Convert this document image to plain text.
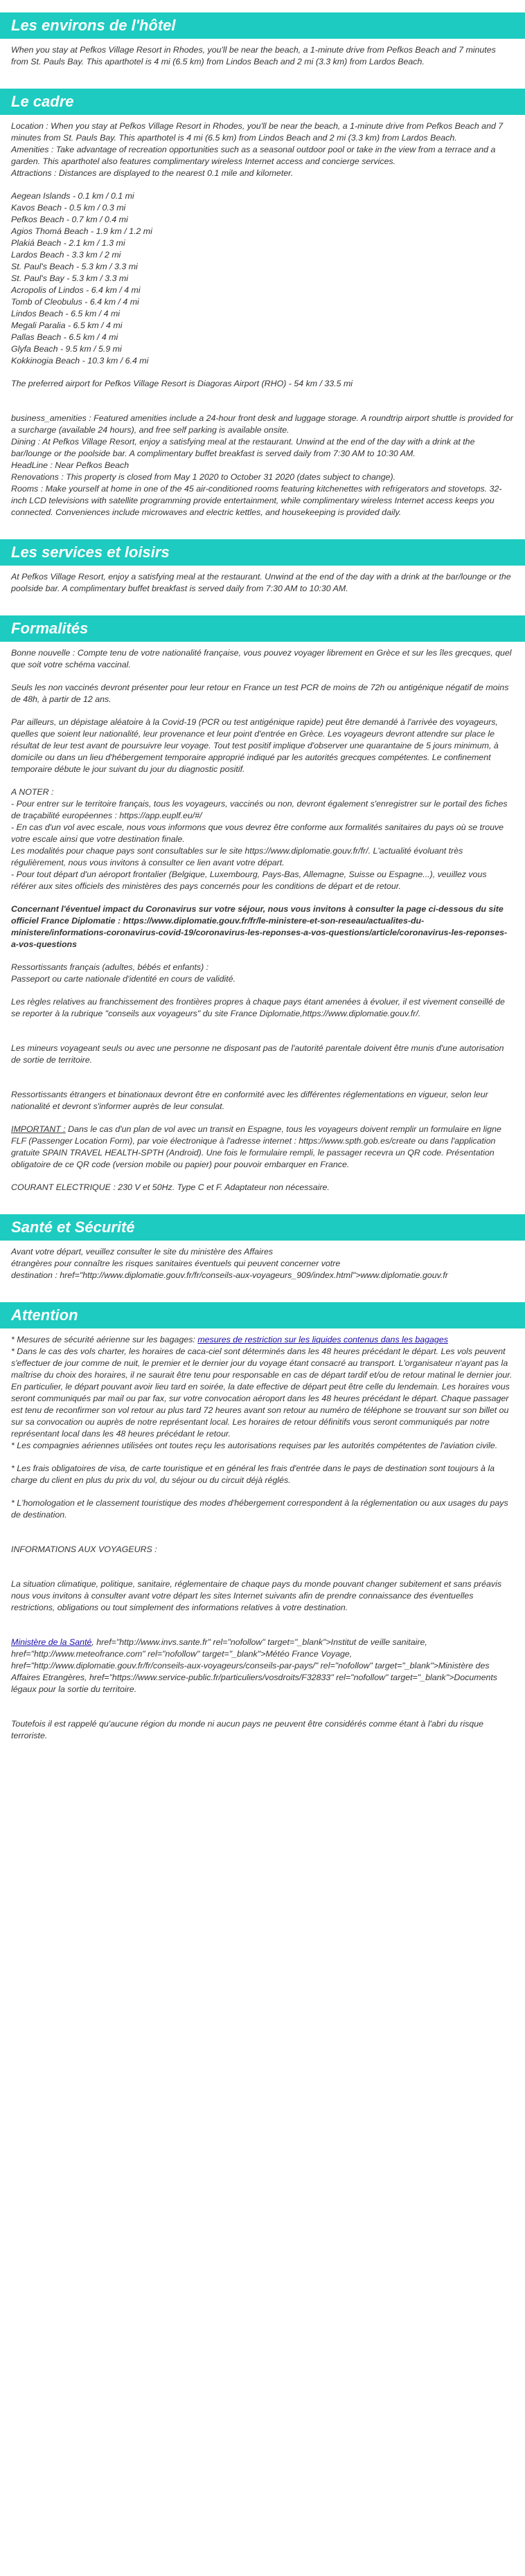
Les environs de l'hôtel

When you stay at Pefkos Village Resort in Rhodes, you'll be near the beach, a 1-minute drive from Pefkos Beach and 7 minutes from St. Pauls Bay. This aparthotel is 4 mi (6.5 km) from Lindos Beach and 2 mi (3.3 km) from Lardos Beach.

Le cadre
Location : When you stay at Pefkos Village Resort in Rhodes, you'll be near the beach, a 1-minute drive from Pefkos Beach and 7 minutes from St. Pauls Bay. This aparthotel is 4 mi (6.5 km) from Lindos Beach and 2 mi (3.3 km) from Lardos Beach.
Amenities : Take advantage of recreation opportunities such as a seasonal outdoor pool or take in the view from a terrace and a garden. This aparthotel also features complimentary wireless Internet access and concierge services.
Attractions : Distances are displayed to the nearest 0.1 mile and kilometer.
Aegean Islands - 0.1 km / 0.1 mi
Kavos Beach - 0.5 km / 0.3 mi
Pefkos Beach - 0.7 km / 0.4 mi
Agios Thomá Beach - 1.9 km / 1.2 mi
Plakiá Beach - 2.1 km / 1.3 mi
Lardos Beach - 3.3 km / 2 mi
St. Paul's Beach - 5.3 km / 3.3 mi
St. Paul's Bay - 5.3 km / 3.3 mi
Acropolis of Lindos - 6.4 km / 4 mi
Tomb of Cleobulus - 6.4 km / 4 mi
Lindos Beach - 6.5 km / 4 mi
Megali Paralia - 6.5 km / 4 mi
Pallas Beach - 6.5 km / 4 mi
Glyfa Beach - 9.5 km / 5.9 mi
Kokkinogia Beach - 10.3 km / 6.4 mi

The preferred airport for Pefkos Village Resort is Diagoras Airport (RHO) - 54 km / 33.5 mi

business_amenities : Featured amenities include a 24-hour front desk and luggage storage. A roundtrip airport shuttle is provided for a surcharge (available 24 hours), and free self parking is available onsite.
Dining : At Pefkos Village Resort, enjoy a satisfying meal at the restaurant. Unwind at the end of the day with a drink at the bar/lounge or the poolside bar. A complimentary buffet breakfast is served daily from 7:30 AM to 10:30 AM.
HeadLine : Near Pefkos Beach
Renovations : This property is closed from May 1 2020 to October 31 2020 (dates subject to change).
Rooms : Make yourself at home in one of the 45 air-conditioned rooms featuring kitchenettes with refrigerators and stovetops. 32-inch LCD televisions with satellite programming provide entertainment, while complimentary wireless Internet access keeps you connected. Conveniences include microwaves and electric kettles, and housekeeping is provided daily.
Les services et loisirs

At Pefkos Village Resort, enjoy a satisfying meal at the restaurant. Unwind at the end of the day with a drink at the bar/lounge or the poolside bar. A complimentary buffet breakfast is served daily from 7:30 AM to 10:30 AM.

Formalités

Bonne nouvelle : Compte tenu de votre nationalité française, vous pouvez voyager librement en Grèce et sur les îles grecques, quel que soit votre schéma vaccinal.

Seuls les non vaccinés devront présenter pour leur retour en France un test PCR de moins de 72h ou antigénique négatif de moins de 48h, à partir de 12 ans.

Par ailleurs, un dépistage aléatoire à la Covid-19 (PCR ou test antigénique rapide) peut être demandé à l'arrivée des voyageurs, quelles que soient leur nationalité, leur provenance et leur point d'entrée en Grèce. Les voyageurs devront attendre sur place le résultat de leur test avant de poursuivre leur voyage. Tout test positif implique d'observer une quarantaine de 5 jours minimum, à domicile ou dans un lieu d'hébergement temporaire approprié indiqué par les autorités grecques compétentes. Le confinement temporaire débute le jour suivant du jour du diagnostic positif.

A NOTER :
- Pour entrer sur le territoire français, tous les voyageurs, vaccinés ou non, devront également s'enregistrer sur le portail des fiches de traçabilité européennes : https://app.euplf.eu/#/
- En cas d'un vol avec escale, nous vous informons que vous devrez être conforme aux formalités sanitaires du pays où se trouve votre escale ainsi que votre destination finale.
Les modalités pour chaque pays sont consultables sur le site https://www.diplomatie.gouv.fr/fr/. L'actualité évoluant très régulièrement, nous vous invitons à consulter ce lien avant votre départ.
- Pour tout départ d'un aéroport frontalier (Belgique, Luxembourg, Pays-Bas, Allemagne, Suisse ou Espagne...), veuillez vous référer aux sites officiels des ministères des pays concernés pour les conditions de départ et de retour.

Concernant l'éventuel impact du Coronavirus sur votre séjour, nous vous invitons à consulter la page ci-dessous du site officiel France Diplomatie : https://www.diplomatie.gouv.fr/fr/le-ministere-et-son-reseau/actualites-du-ministere/informations-coronavirus-covid-19/coronavirus-les-reponses-a-vos-questions/article/coronavirus-les-reponses-a-vos-questions

Ressortissants français (adultes, bébés et enfants) :
Passeport ou carte nationale d'identité en cours de validité.

Les règles relatives au franchissement des frontières propres à chaque pays étant amenées à évoluer, il est vivement conseillé de se reporter à la rubrique "conseils aux voyageurs" du site France Diplomatie,https://www.diplomatie.gouv.fr/.

Les mineurs voyageant seuls ou avec une personne ne disposant pas de l'autorité parentale doivent être munis d'une autorisation de sortie de territoire.

Ressortissants étrangers et binationaux devront être en conformité avec les différentes réglementations en vigueur, selon leur nationalité et devront s'informer auprès de leur consulat.

IMPORTANT : Dans le cas d'un plan de vol avec un transit en Espagne, tous les voyageurs doivent remplir un formulaire en ligne FLF (Passenger Location Form), par voie électronique à l'adresse internet : https://www.spth.gob.es/create ou dans l'application gratuite SPAIN TRAVEL HEALTH-SPTH (Android). Une fois le formulaire rempli, le passager recevra un QR code. Présentation obligatoire de ce QR code (version mobile ou papier) pour pouvoir embarquer en France.

COURANT ELECTRIQUE : 230 V et 50Hz. Type C et F. Adaptateur non nécessaire.

Santé et Sécurité
Avant votre départ, veuillez consulter le site du ministère des Affaires
étrangères pour connaître les risques sanitaires éventuels qui peuvent concerner votre
destination : href="http://www.diplomatie.gouv.fr/fr/conseils-aux-voyageurs_909/index.html">www.diplomatie.gouv.fr
Attention
* Mesures de sécurité aérienne sur les bagages: mesures de restriction sur les liquides contenus dans les bagages
* Dans le cas des vols charter, les horaires de caca-ciel sont déterminés dans les 48 heures précédant le départ. Les vols peuvent s'effectuer de jour comme de nuit, le premier et le dernier jour du voyage étant consacré au transport. L'organisateur n'ayant pas la maîtrise du choix des horaires, il ne saurait être tenu pour responsable en cas de départ tardif et/ou de retour matinal le dernier jour. En particulier, le départ pouvant avoir lieu tard en soirée, la date effective de départ peut être celle du lendemain. Les horaires vous seront communiqués par mail ou par fax, sur votre convocation aéroport dans les 48 heures précédant le départ. Chaque passager est tenu de reconfirmer son vol retour au plus tard 72 heures avant son retour au numéro de téléphone se trouvant sur son billet ou sur sa convocation ou auprès de notre représentant local. Les horaires de retour définitifs vous seront communiqués par notre représentant local dans les 48 heures précédant le retour.
* Les compagnies aériennes utilisées ont toutes reçu les autorisations requises par les autorités compétentes de l'aviation civile.

* Les frais obligatoires de visa, de carte touristique et en général les frais d'entrée dans le pays de destination sont toujours à la charge du client en plus du prix du vol, du séjour ou du circuit déjà réglés.

* L'homologation et le classement touristique des modes d'hébergement correspondent à la réglementation ou aux usages du pays de destination.

INFORMATIONS AUX VOYAGEURS :

La situation climatique, politique, sanitaire, réglementaire de chaque pays du monde pouvant changer subitement et sans préavis
nous vous invitons à consulter avant votre départ les sites Internet suivants afin de prendre connaissance des éventuelles restrictions, obligations ou tout simplement des informations relatives à votre destination.

Ministère de la Santé, href="http://www.invs.sante.fr" rel="nofollow" target="_blank">Institut de veille sanitaire, href="http://www.meteofrance.com" rel="nofollow" target="_blank">Météo France Voyage, href="http://www.diplomatie.gouv.fr/fr/conseils-aux-voyageurs/conseils-par-pays/" rel="nofollow" target="_blank">Ministère des Affaires Etrangères, href="https://www.service-public.fr/particuliers/vosdroits/F32833" rel="nofollow" target="_blank">Documents légaux pour la sortie du territoire.

Toutefois il est rappelé qu'aucune région du monde ni aucun pays ne peuvent être considérés comme étant à l'abri du risque terroriste.
